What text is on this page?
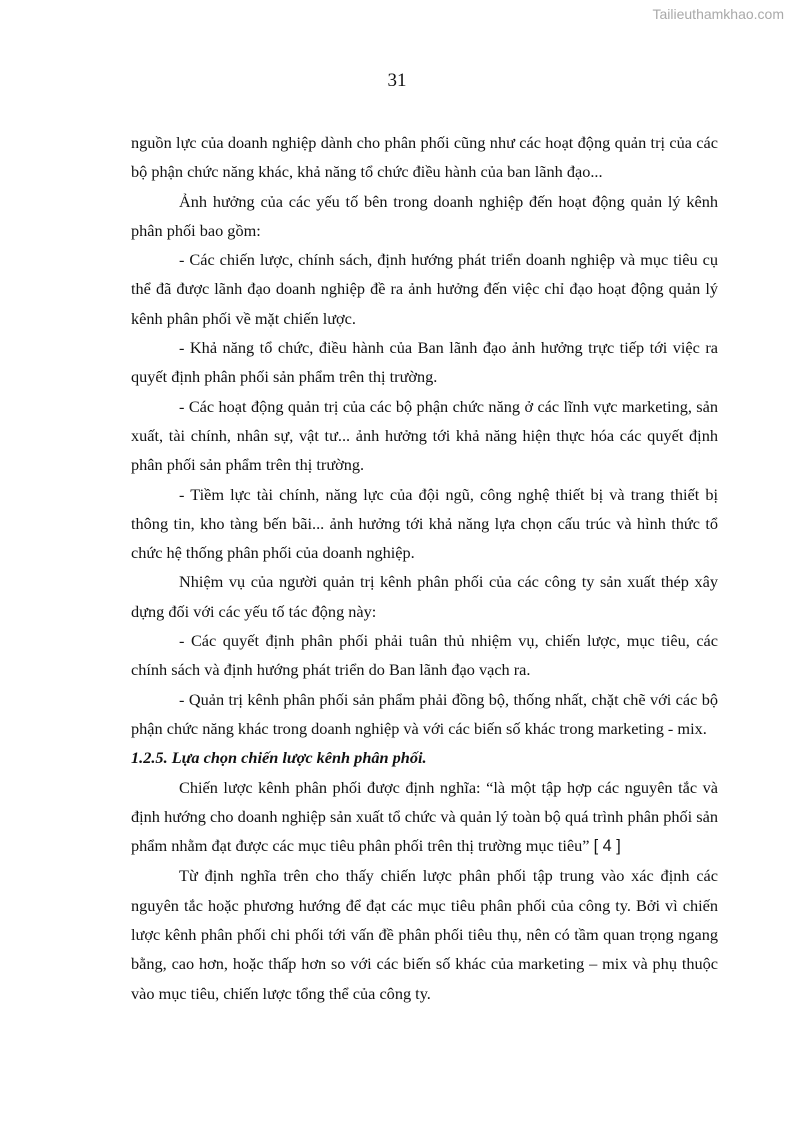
Tailieuthamkhao.com
31

nguồn lực của doanh nghiệp dành cho phân phối cũng như các hoạt động quản trị của các bộ phận chức năng khác, khả năng tổ chức điều hành của ban lãnh đạo...

Ảnh hưởng của các yếu tố bên trong doanh nghiệp đến hoạt động quản lý kênh phân phối bao gồm:

- Các chiến lược, chính sách, định hướng phát triển doanh nghiệp và mục tiêu cụ thể đã được lãnh đạo doanh nghiệp đề ra ảnh hưởng đến việc chỉ đạo hoạt động quản lý kênh phân phối về mặt chiến lược.

- Khả năng tổ chức, điều hành của Ban lãnh đạo ảnh hưởng trực tiếp tới việc ra quyết định phân phối sản phẩm trên thị trường.

- Các hoạt động quản trị của các bộ phận chức năng ở các lĩnh vực marketing, sản xuất, tài chính, nhân sự, vật tư... ảnh hưởng tới khả năng hiện thực hóa các quyết định phân phối sản phẩm trên thị trường.

- Tiềm lực tài chính, năng lực của đội ngũ, công nghệ thiết bị và trang thiết bị thông tin, kho tàng bến bãi... ảnh hưởng tới khả năng lựa chọn cấu trúc và hình thức tổ chức hệ thống phân phối của doanh nghiệp.

Nhiệm vụ của người quản trị kênh phân phối của các công ty sản xuất thép xây dựng đối với các yếu tố tác động này:

- Các quyết định phân phối phải tuân thủ nhiệm vụ, chiến lược, mục tiêu, các chính sách và định hướng phát triển do Ban lãnh đạo vạch ra.

- Quản trị kênh phân phối sản phẩm phải đồng bộ, thống nhất, chặt chẽ với các bộ phận chức năng khác trong doanh nghiệp và với các biến số khác trong marketing - mix.

1.2.5. Lựa chọn chiến lược kênh phân phối.

Chiến lược kênh phân phối được định nghĩa: “là một tập hợp các nguyên tắc và định hướng cho doanh nghiệp sản xuất tổ chức và quản lý toàn bộ quá trình phân phối sản phẩm nhằm đạt được các mục tiêu phân phối trên thị trường mục tiêu” [ 4 ]

Từ định nghĩa trên cho thấy chiến lược phân phối tập trung vào xác định các nguyên tắc hoặc phương hướng để đạt các mục tiêu phân phối của công ty. Bởi vì chiến lược kênh phân phối chi phối tới vấn đề phân phối tiêu thụ, nên có tầm quan trọng ngang bằng, cao hơn, hoặc thấp hơn so với các biến số khác của marketing – mix và phụ thuộc vào mục tiêu, chiến lược tổng thể của công ty.
